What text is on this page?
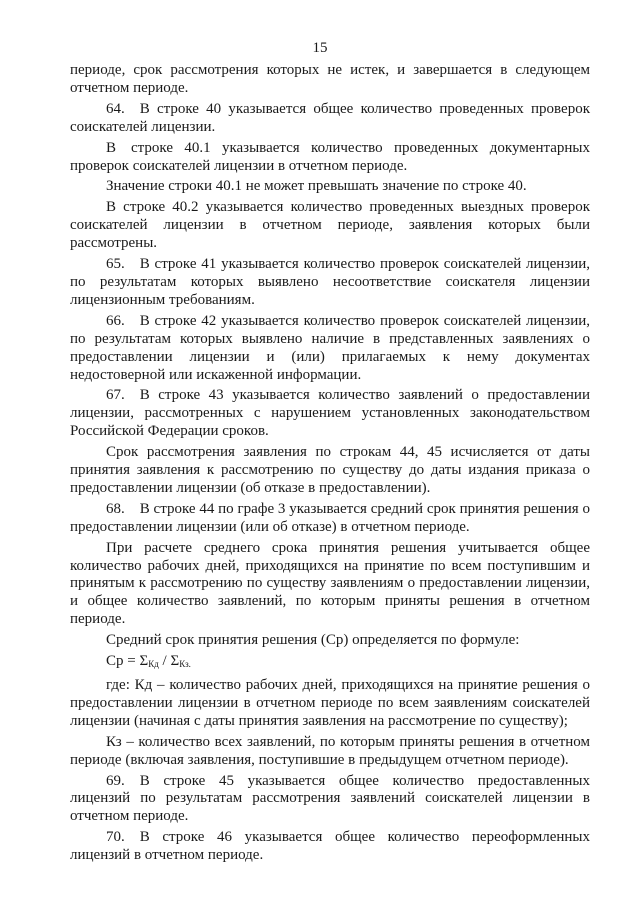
15

периоде, срок рассмотрения которых не истек, и завершается в следующем отчетном периоде.

64. В строке 40 указывается общее количество проведенных проверок соискателей лицензии.

В строке 40.1 указывается количество проведенных документарных проверок соискателей лицензии в отчетном периоде.

Значение строки 40.1 не может превышать значение по строке 40.

В строке 40.2 указывается количество проведенных выездных проверок соискателей лицензии в отчетном периоде, заявления которых были рассмотрены.

65. В строке 41 указывается количество проверок соискателей лицензии, по результатам которых выявлено несоответствие соискателя лицензии лицензионным требованиям.

66. В строке 42 указывается количество проверок соискателей лицензии, по результатам которых выявлено наличие в представленных заявлениях о предоставлении лицензии и (или) прилагаемых к нему документах недостоверной или искаженной информации.

67. В строке 43 указывается количество заявлений о предоставлении лицензии, рассмотренных с нарушением установленных законодательством Российской Федерации сроков.

Срок рассмотрения заявления по строкам 44, 45 исчисляется от даты принятия заявления к рассмотрению по существу до даты издания приказа о предоставлении лицензии (об отказе в предоставлении).

68. В строке 44 по графе 3 указывается средний срок принятия решения о предоставлении лицензии (или об отказе) в отчетном периоде.

При расчете среднего срока принятия решения учитывается общее количество рабочих дней, приходящихся на принятие по всем поступившим и принятым к рассмотрению по существу заявлениям о предоставлении лицензии, и общее количество заявлений, по которым приняты решения в отчетном периоде.

Средний срок принятия решения (Ср) определяется по формуле:

Ср = $\Sigma_{Кд} / \Sigma_{Кз.}$

где: Кд – количество рабочих дней, приходящихся на принятие решения о предоставлении лицензии в отчетном периоде по всем заявлениям соискателей лицензии (начиная с даты принятия заявления на рассмотрение по существу);

Кз – количество всех заявлений, по которым приняты решения в отчетном периоде (включая заявления, поступившие в предыдущем отчетном периоде).

69. В строке 45 указывается общее количество предоставленных лицензий по результатам рассмотрения заявлений соискателей лицензии в отчетном периоде.

70. В строке 46 указывается общее количество переоформленных лицензий в отчетном периоде.
